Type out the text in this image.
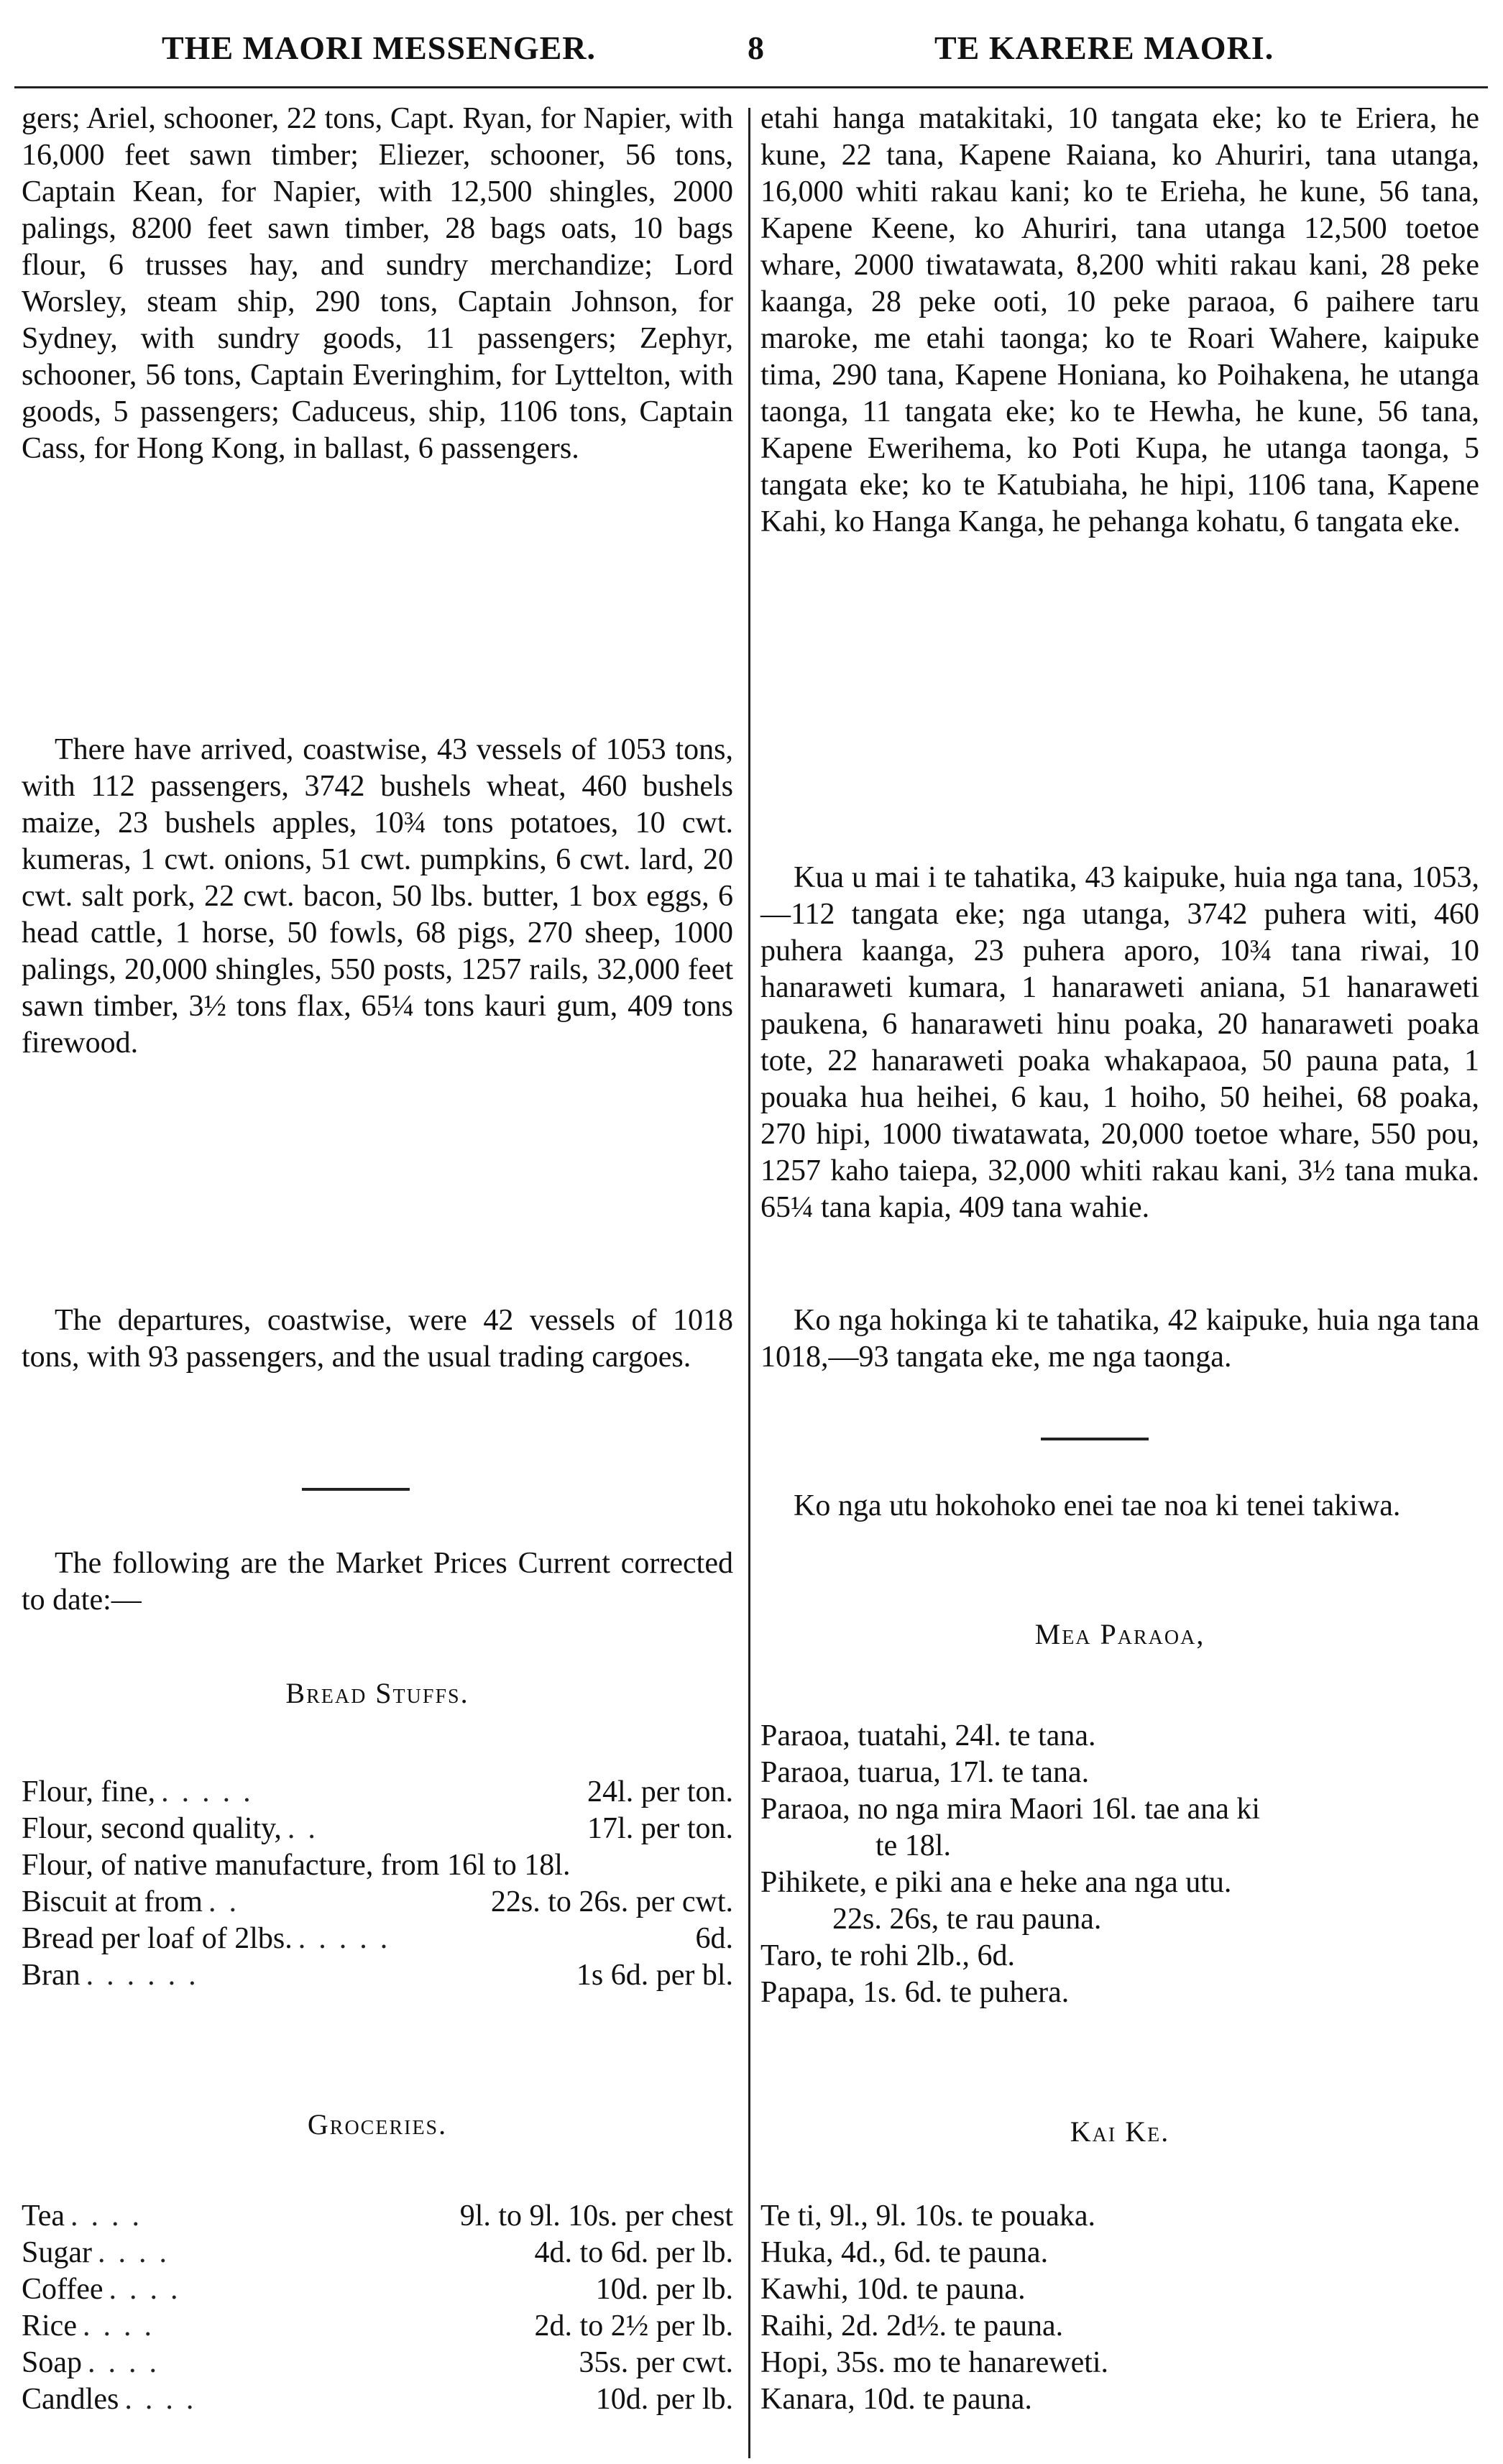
THE MAORI MESSENGER.	8	TE KARERE MAORI.

gers; Ariel, schooner, 22 tons, Capt. Ryan, for Napier, with 16,000 feet sawn timber; Eliezer, schooner, 56 tons, Captain Kean, for Napier, with 12,500 shingles, 2000 palings, 8200 feet sawn timber, 28 bags oats, 10 bags flour, 6 trusses hay, and sundry merchandize; Lord Worsley, steam ship, 290 tons, Captain Johnson, for Sydney, with sundry goods, 11 passengers; Zephyr, schooner, 56 tons, Captain Everinghim, for Lyttelton, with goods, 5 passengers; Caduceus, ship, 1106 tons, Captain Cass, for Hong Kong, in ballast, 6 passengers.

There have arrived, coastwise, 43 vessels of 1053 tons, with 112 passengers, 3742 bushels wheat, 460 bushels maize, 23 bushels apples, 10¾ tons potatoes, 10 cwt. kumeras, 1 cwt. onions, 51 cwt. pumpkins, 6 cwt. lard, 20 cwt. salt pork, 22 cwt. bacon, 50 lbs. butter, 1 box eggs, 6 head cattle, 1 horse, 50 fowls, 68 pigs, 270 sheep, 1000 palings, 20,000 shingles, 550 posts, 1257 rails, 32,000 feet sawn timber, 3½ tons flax, 65¼ tons kauri gum, 409 tons firewood.

The departures, coastwise, were 42 vessels of 1018 tons, with 93 passengers, and the usual trading cargoes.

The following are the Market Prices Current corrected to date:—

Bread Stuffs.
Flour, fine, .....	24l. per ton.
Flour, second quality, ..	17l. per ton.
Flour, of native manufacture, from 16l to 18l.
Biscuit at from ..	22s. to 26s. per cwt.
Bread per loaf of 2lbs. .....	6d.
Bran ......	1s 6d. per bl.
Groceries.
Tea ....	9l. to 9l. 10s. per chest
Sugar ....	4d. to 6d. per lb.
Coffee ....	10d. per lb.
Rice ....	2d. to 2½ per lb.
Soap ....	35s. per cwt.
Candles ....	10d. per lb.

etahi hanga matakitaki, 10 tangata eke; ko te Eriera, he kune, 22 tana, Kapene Raiana, ko Ahuriri, tana utanga, 16,000 whiti rakau kani; ko te Erieha, he kune, 56 tana, Kapene Keene, ko Ahuriri, tana utanga 12,500 toetoe whare, 2000 tiwatawata, 8,200 whiti rakau kani, 28 peke kaanga, 28 peke ooti, 10 peke paraoa, 6 paihere taru maroke, me etahi taonga; ko te Roari Wahere, kaipuke tima, 290 tana, Kapene Honiana, ko Poihakena, he utanga taonga, 11 tangata eke; ko te Hewha, he kune, 56 tana, Kapene Ewerihema, ko Poti Kupa, he utanga taonga, 5 tangata eke; ko te Katubiaha, he hipi, 1106 tana, Kapene Kahi, ko Hanga Kanga, he pehanga kohatu, 6 tangata eke.

Kua u mai i te tahatika, 43 kaipuke, huia nga tana, 1053,—112 tangata eke; nga utanga, 3742 puhera witi, 460 puhera kaanga, 23 puhera aporo, 10¾ tana riwai, 10 hanaraweti kumara, 1 hanaraweti aniana, 51 hanaraweti paukena, 6 hanaraweti hinu poaka, 20 hanaraweti poaka tote, 22 hanaraweti poaka whakapaoa, 50 pauna pata, 1 pouaka hua heihei, 6 kau, 1 hoiho, 50 heihei, 68 poaka, 270 hipi, 1000 tiwatawata, 20,000 toetoe whare, 550 pou, 1257 kaho taiepa, 32,000 whiti rakau kani, 3½ tana muka. 65¼ tana kapia, 409 tana wahie.

Ko nga hokinga ki te tahatika, 42 kaipuke, huia nga tana 1018,—93 tangata eke, me nga taonga.

Ko nga utu hokohoko enei tae noa ki tenei takiwa.

Mea Paraoa,
Paraoa, tuatahi, 24l. te tana.
Paraoa, tuarua, 17l. te tana.
Paraoa, no nga mira Maori 16l. tae ana ki
te 18l.
Pihikete, e piki ana e heke ana nga utu.
22s. 26s, te rau pauna.
Taro, te rohi 2lb., 6d.
Papapa, 1s. 6d. te puhera.
Kai Ke.
Te ti, 9l., 9l. 10s. te pouaka.
Huka, 4d., 6d. te pauna.
Kawhi, 10d. te pauna.
Raihi, 2d. 2d½. te pauna.
Hopi, 35s. mo te hanareweti.
Kanara, 10d. te pauna.
